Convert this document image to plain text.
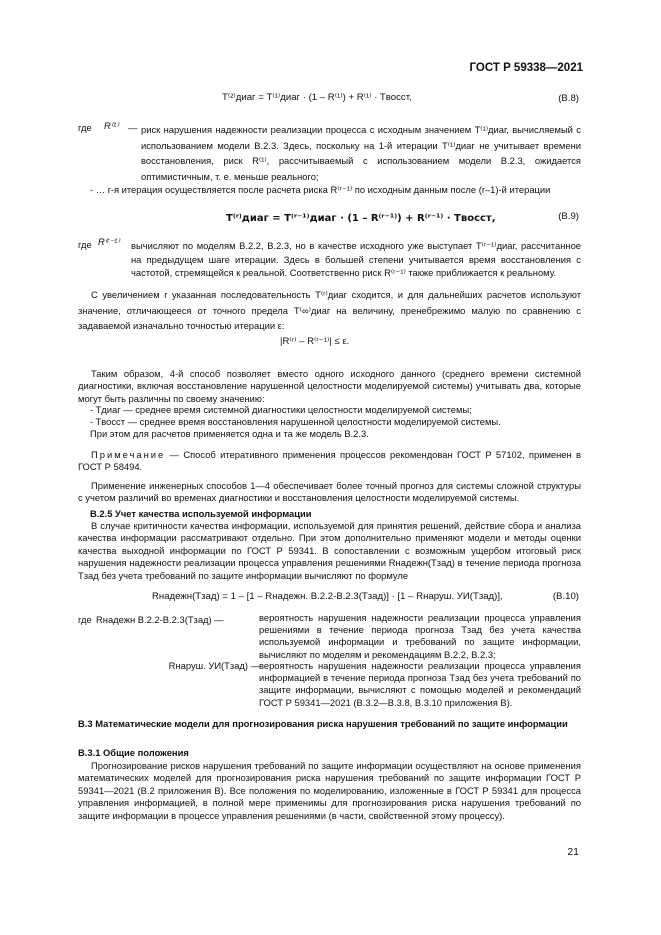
ГОСТ Р 59338—2021
T⁽²⁾диаг = T⁽¹⁾диаг · (1 – R⁽¹⁾) + R⁽¹⁾ · Tвосст,	(В.8)
где R⁽¹⁾ — риск нарушения надежности реализации процесса с исходным значением T⁽¹⁾диаг, вычисляемый с использованием модели В.2.3. Здесь, поскольку на 1-й итерации T⁽¹⁾диаг не учитывает времени восстановления, риск R⁽¹⁾, рассчитываемый с использованием модели В.2.3, ожидается оптимистичным, т. е. меньше реального;
- … r-я итерация осуществляется после расчета риска R⁽ʳ⁻¹⁾ по исходным данным после (r–1)-й итерации
T⁽ʳ⁾диаг = T⁽ʳ⁻¹⁾диаг · (1 – R⁽ʳ⁻¹⁾) + R⁽ʳ⁻¹⁾ · Tвосст,	(В.9)
где R⁽ʳ⁻¹⁾ вычисляют по моделям В.2.2, В.2.3, но в качестве исходного уже выступает T⁽ʳ⁻¹⁾диаг, рассчитанное на предыдущем шаге итерации. Здесь в большей степени учитывается время восстановления с частотой, стремящейся к реальной. Соответственно риск R⁽ʳ⁻¹⁾ также приближается к реальному.
С увеличением r указанная последовательность T⁽ʳ⁾диаг сходится, и для дальнейших расчетов используют значение, отличающееся от точного предела T⁽∞⁾диаг на величину, пренебрежимо малую по сравнению с задаваемой изначально точностью итерации ε:
|R⁽ʳ⁾ – R⁽ʳ⁻¹⁾| ≤ ε.
Таким образом, 4-й способ позволяет вместо одного исходного данного (среднего времени системной диагностики, включая восстановление нарушенной целостности моделируемой системы) учитывать два, которые могут быть различны по своему значению:
- Tдиаг — среднее время системной диагностики целостности моделируемой системы;
- Tвосст — среднее время восстановления нарушенной целостности моделируемой системы.
При этом для расчетов применяется одна и та же модель В.2.3.
Примечание — Способ итеративного применения процессов рекомендован ГОСТ Р 57102, применен в ГОСТ Р 58494.
Применение инженерных способов 1—4 обеспечивает более точный прогноз для системы сложной структуры с учетом различий во временах диагностики и восстановления целостности моделируемой системы.
В.2.5 Учет качества используемой информации
В случае критичности качества информации, используемой для принятия решений, действие сбора и анализа качества информации рассматривают отдельно. При этом дополнительно применяют модели и методы оценки качества выходной информации по ГОСТ Р 59341. В сопоставлении с возможным ущербом итоговый риск нарушения надежности реализации процесса управления решениями Rнадежн(Tзад) в течение периода прогноза Tзад без учета требований по защите информации вычисляют по формуле
Rнадежн(Tзад) = 1 – [1 – Rнадежн. В.2.2-В.2.3(Tзад)] · [1 – Rнаруш. УИ(Tзад)],	(В.10)
где Rнадежн В.2.2-В.2.3(Tзад) —	вероятность нарушения надежности реализации процесса управления решениями в течение периода прогноза Tзад без учета качества используемой информации и требований по защите информации, вычисляют по моделям и рекомендациям В.2.2, В.2.3;
Rнаруш. УИ(Tзад) — вероятность нарушения надежности реализации процесса управления информацией в течение периода прогноза Tзад без учета требований по защите информации, вычисляют с помощью моделей и рекомендаций ГОСТ Р 59341—2021 (В.3.2—В.3.8, В.3.10 приложения В).
В.3 Математические модели для прогнозирования риска нарушения требований по защите информации
В.3.1 Общие положения
Прогнозирование рисков нарушения требований по защите информации осуществляют на основе применения математических моделей для прогнозирования риска нарушения требований по защите информации ГОСТ Р 59341—2021 (В.2 приложения В). Все положения по моделированию, изложенные в ГОСТ Р 59341 для процесса управления информацией, в полной мере применимы для прогнозирования риска нарушения требований по защите информации в процессе управления решениями (в части, свойственной этому процессу).
21
